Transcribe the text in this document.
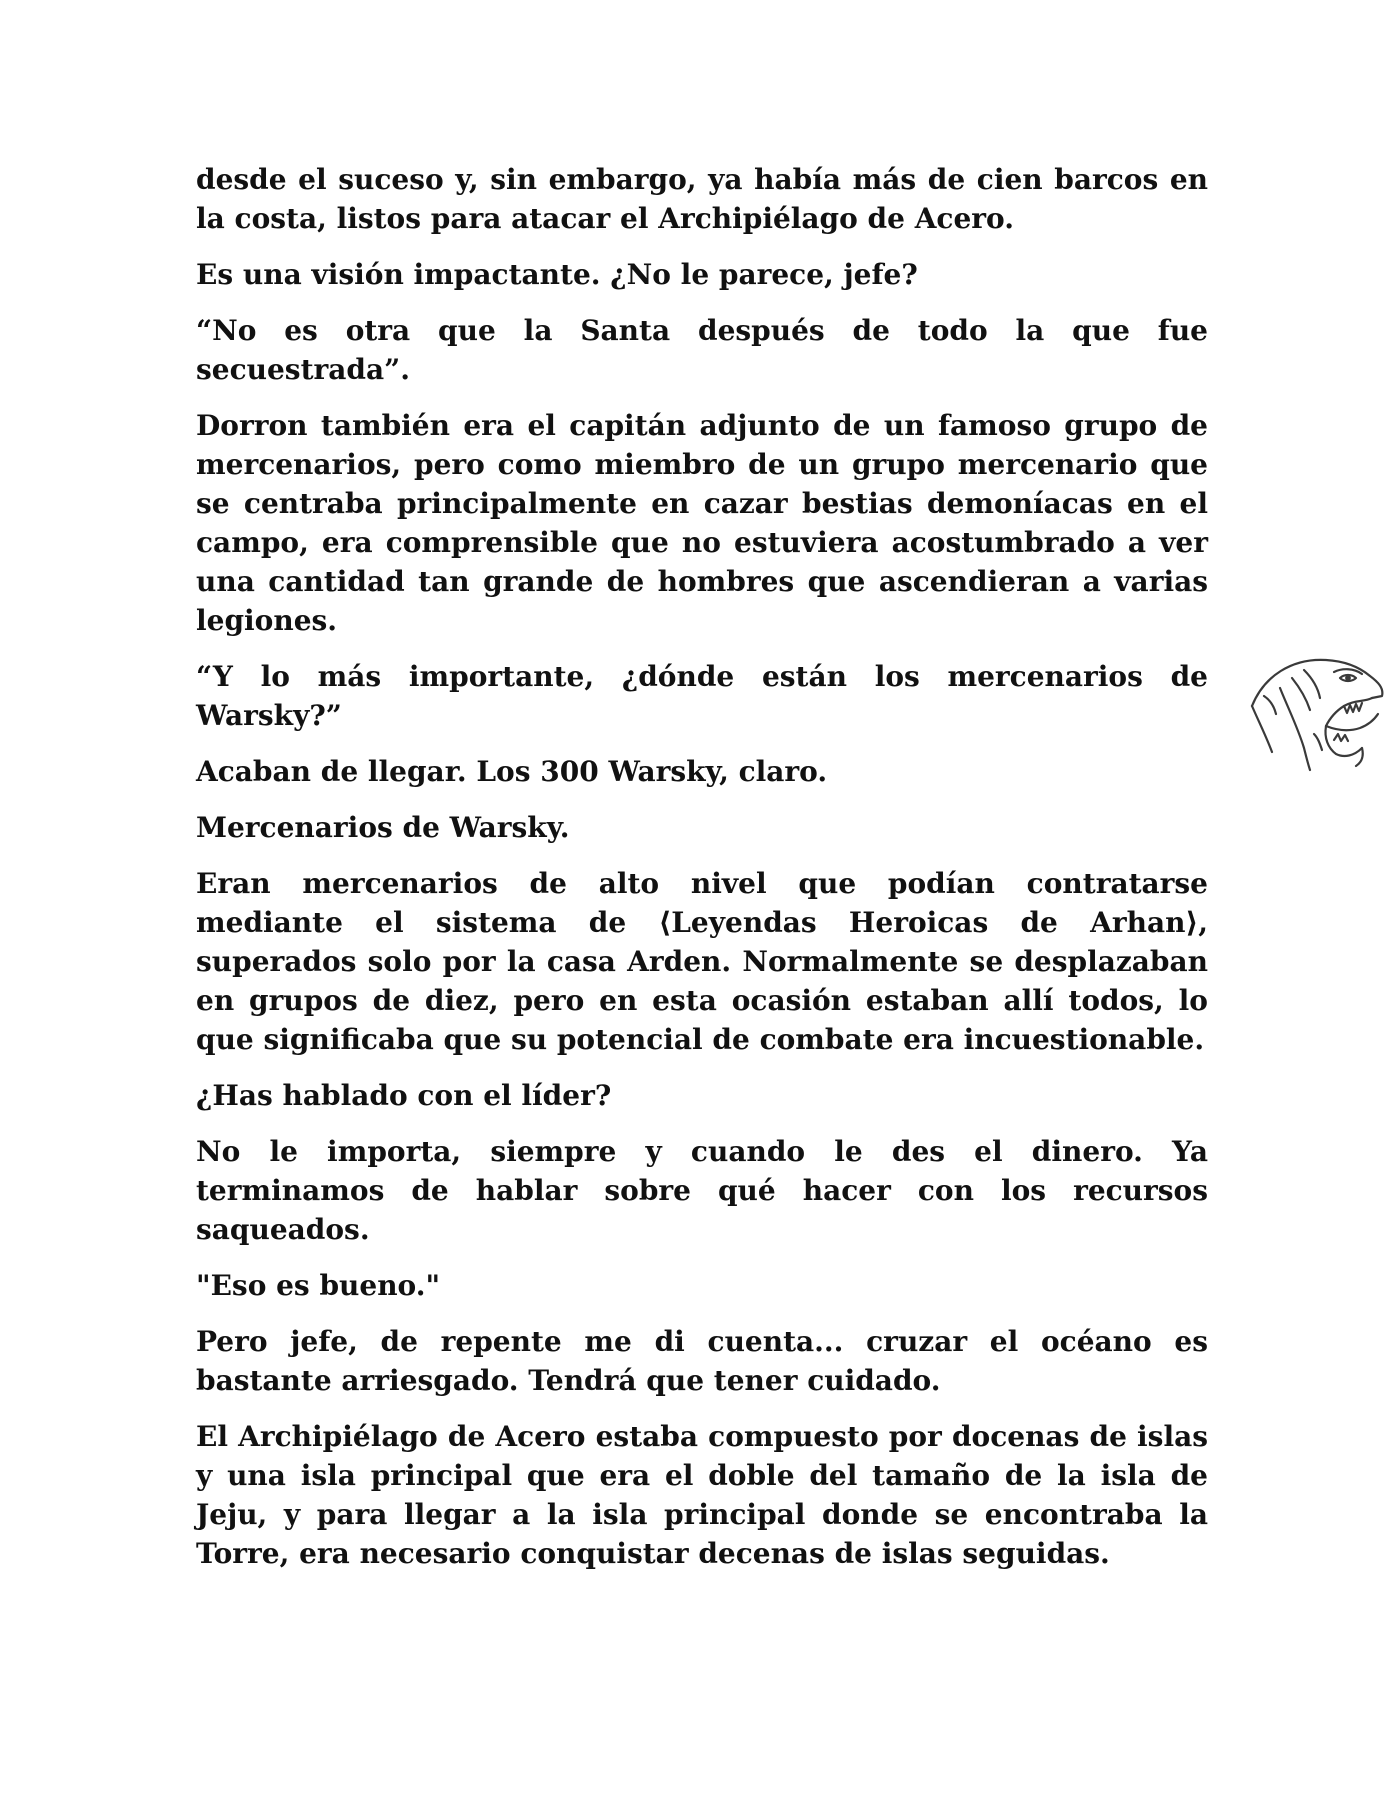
desde el suceso y, sin embargo, ya había más de cien barcos en la costa, listos para atacar el Archipiélago de Acero.

Es una visión impactante. ¿No le parece, jefe?

“No es otra que la Santa después de todo la que fue secuestrada”.

Dorron también era el capitán adjunto de un famoso grupo de mercenarios, pero como miembro de un grupo mercenario que se centraba principalmente en cazar bestias demoníacas en el campo, era comprensible que no estuviera acostumbrado a ver una cantidad tan grande de hombres que ascendieran a varias legiones.

“Y lo más importante, ¿dónde están los mercenarios de Warsky?”

Acaban de llegar. Los 300 Warsky, claro.

Mercenarios de Warsky.

Eran mercenarios de alto nivel que podían contratarse mediante el sistema de ⟨Leyendas Heroicas de Arhan⟩, superados solo por la casa Arden. Normalmente se desplazaban en grupos de diez, pero en esta ocasión estaban allí todos, lo que significaba que su potencial de combate era incuestionable.

¿Has hablado con el líder?

No le importa, siempre y cuando le des el dinero. Ya terminamos de hablar sobre qué hacer con los recursos saqueados.

"Eso es bueno."

Pero jefe, de repente me di cuenta... cruzar el océano es bastante arriesgado. Tendrá que tener cuidado.

El Archipiélago de Acero estaba compuesto por docenas de islas y una isla principal que era el doble del tamaño de la isla de Jeju, y para llegar a la isla principal donde se encontraba la Torre, era necesario conquistar decenas de islas seguidas.
